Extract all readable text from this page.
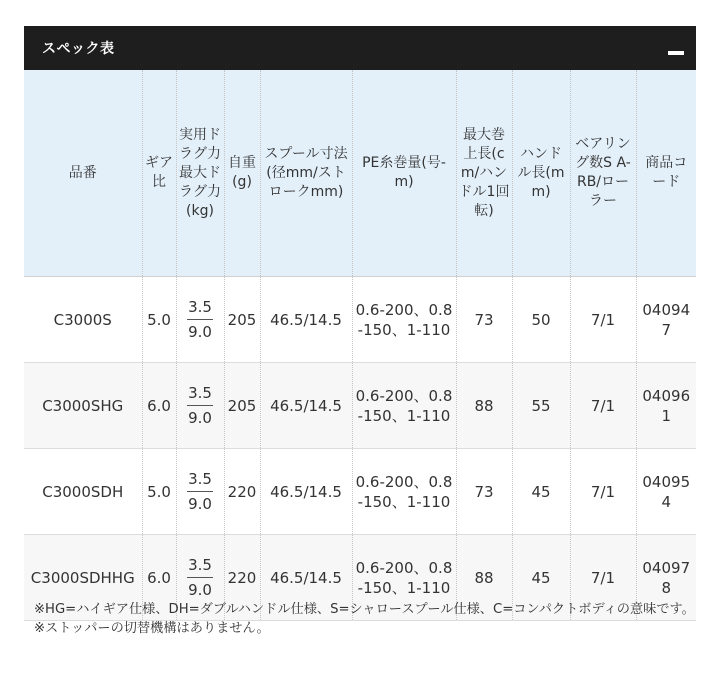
スペック表
品番	ギア比	実用ドラグ力最大ドラグ力(kg)	自重(g)	スプール寸法(径mm/ストロークmm)	PE糸巻量(号-m)	最大巻上長(cm/ハンドル1回転)	ハンドル長(mm)	ベアリング数S A-RB/ローラー	商品コード
C3000S	5.0	$\frac{3.5}{9.0}$	205	46.5/14.5	0.6-200、0.8-150、1-110	73	50	7/1	040947
C3000SHG	6.0	$\frac{3.5}{9.0}$	205	46.5/14.5	0.6-200、0.8-150、1-110	88	55	7/1	040961
C3000SDH	5.0	$\frac{3.5}{9.0}$	220	46.5/14.5	0.6-200、0.8-150、1-110	73	45	7/1	040954
C3000SDHHG	6.0	$\frac{3.5}{9.0}$	220	46.5/14.5	0.6-200、0.8-150、1-110	88	45	7/1	040978
※HG=ハイギア仕様、DH=ダブルハンドル仕様、S=シャロースプール仕様、C=コンパクトボディの意味です。
※ストッパーの切替機構はありません。
